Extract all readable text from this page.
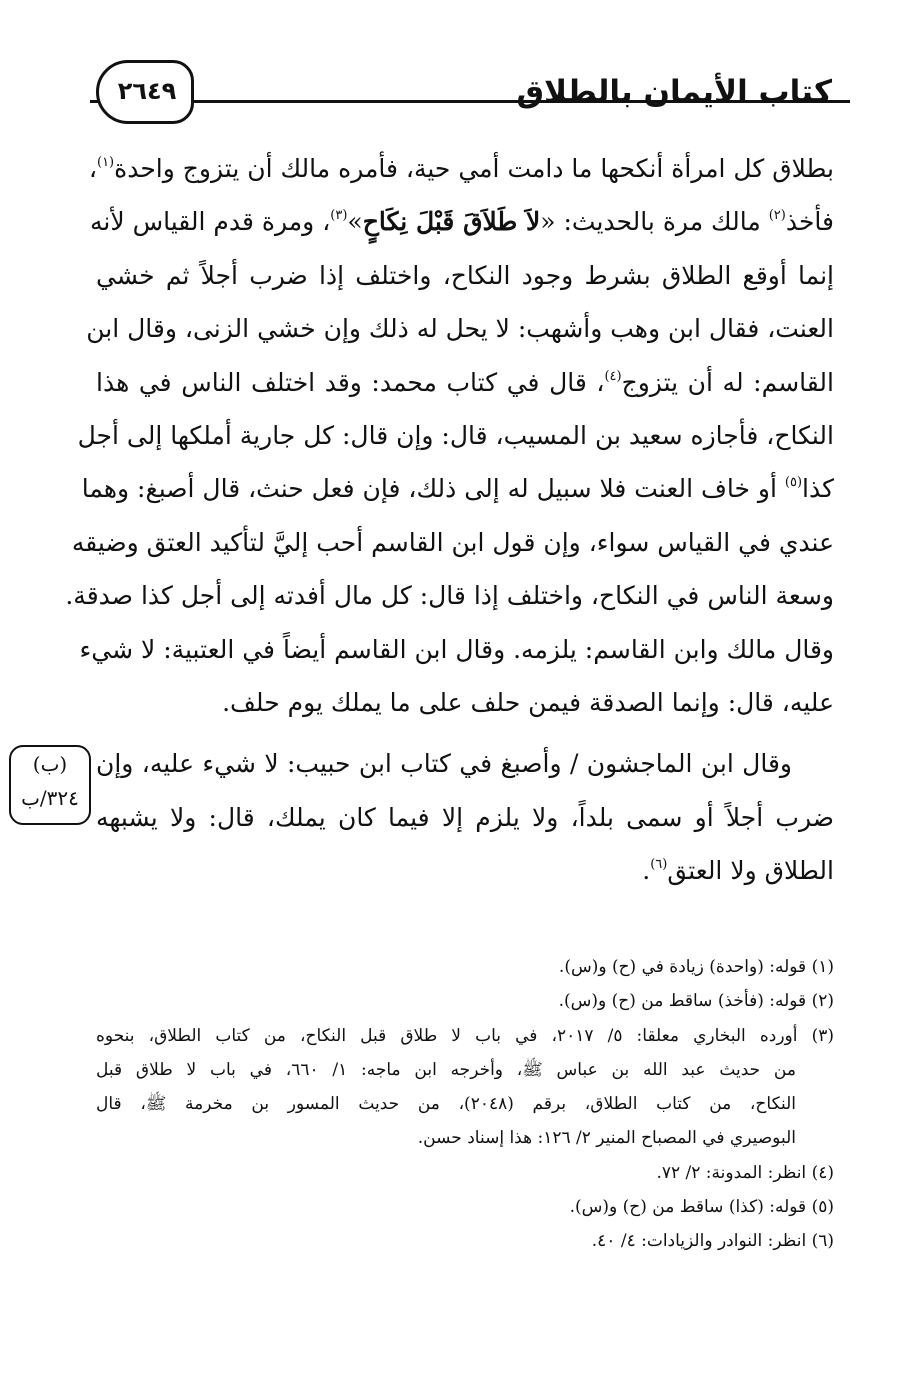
كتاب الأيمان بالطلاق
٢٦٤٩
بطلاق كل امرأة أنكحها ما دامت أمي حية، فأمره مالك أن يتزوج واحدة$^{(١)}$،
فأخذ$^{(٢)}$ مالك مرة بالحديث: «لاَ طَلاَقَ قَبْلَ نِكَاحٍ»$^{(٣)}$، ومرة قدم القياس لأنه
إنما أوقع الطلاق بشرط وجود النكاح، واختلف إذا ضرب أجلاً ثم خشي
العنت، فقال ابن وهب وأشهب: لا يحل له ذلك وإن خشي الزنى، وقال ابن
القاسم: له أن يتزوج$^{(٤)}$، قال في كتاب محمد: وقد اختلف الناس في هذا
النكاح، فأجازه سعيد بن المسيب، قال: وإن قال: كل جارية أملكها إلى أجل
كذا$^{(٥)}$ أو خاف العنت فلا سبيل له إلى ذلك، فإن فعل حنث، قال أصبغ: وهما
عندي في القياس سواء، وإن قول ابن القاسم أحب إليَّ لتأكيد العتق وضيقه
وسعة الناس في النكاح، واختلف إذا قال: كل مال أفدته إلى أجل كذا صدقة.
وقال مالك وابن القاسم: يلزمه. وقال ابن القاسم أيضاً في العتبية: لا شيء
عليه، قال: وإنما الصدقة فيمن حلف على ما يملك يوم حلف.
وقال ابن الماجشون / وأصبغ في كتاب ابن حبيب: لا شيء عليه، وإن
ضرب أجلاً أو سمى بلداً، ولا يلزم إلا فيما كان يملك، قال: ولا يشبهه
الطلاق ولا العتق$^{(٦)}$.
(ب)
٣٢٤/ب
(١) قوله: (واحدة) زيادة في (ح) و(س).
(٢) قوله: (فأخذ) ساقط من (ح) و(س).
(٣) أورده البخاري معلقا: ٥/ ٢٠١٧، في باب لا طلاق قبل النكاح، من كتاب الطلاق، بنحوه
من حديث عبد الله بن عباس ﷺ، وأخرجه ابن ماجه: ١/ ٦٦٠، في باب لا طلاق قبل
النكاح، من كتاب الطلاق، برقم (٢٠٤٨)، من حديث المسور بن مخرمة ﷺ، قال
البوصيري في المصباح المنير ٢/ ١٢٦: هذا إسناد حسن.
(٤) انظر: المدونة: ٢/ ٧٢.
(٥) قوله: (كذا) ساقط من (ح) و(س).
(٦) انظر: النوادر والزيادات: ٤/ ٤٠.
